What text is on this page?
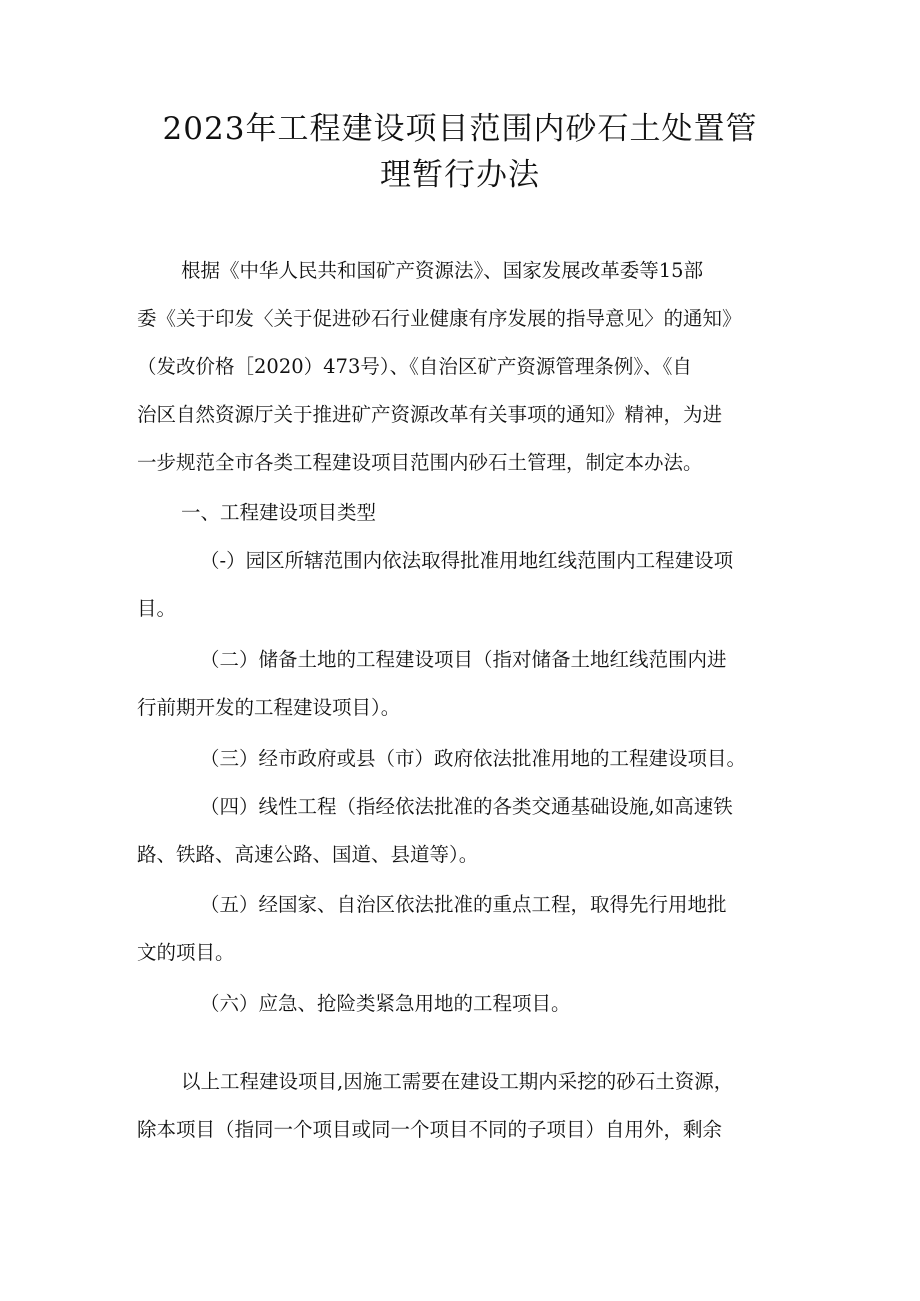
2023年工程建设项目范围内砂石土处置管
理暂行办法
根据《中华人民共和国矿产资源法》、国家发展改革委等15部
委《关于印发〈关于促进砂石行业健康有序发展的指导意见〉的通知》
（发改价格［2020）473号）、《自治区矿产资源管理条例》、《自
治区自然资源厅关于推进矿产资源改革有关事项的通知》精神，为进
一步规范全市各类工程建设项目范围内砂石土管理，制定本办法。
一、工程建设项目类型
（-）园区所辖范围内依法取得批准用地红线范围内工程建设项
目。
（二）储备土地的工程建设项目（指对储备土地红线范围内进
行前期开发的工程建设项目）。
（三）经市政府或县（市）政府依法批准用地的工程建设项目。
（四）线性工程（指经依法批准的各类交通基础设施,如高速铁
路、铁路、高速公路、国道、县道等）。
（五）经国家、自治区依法批准的重点工程，取得先行用地批
文的项目。
（六）应急、抢险类紧急用地的工程项目。
以上工程建设项目,因施工需要在建设工期内采挖的砂石土资源，
除本项目（指同一个项目或同一个项目不同的子项目）自用外，剩余
